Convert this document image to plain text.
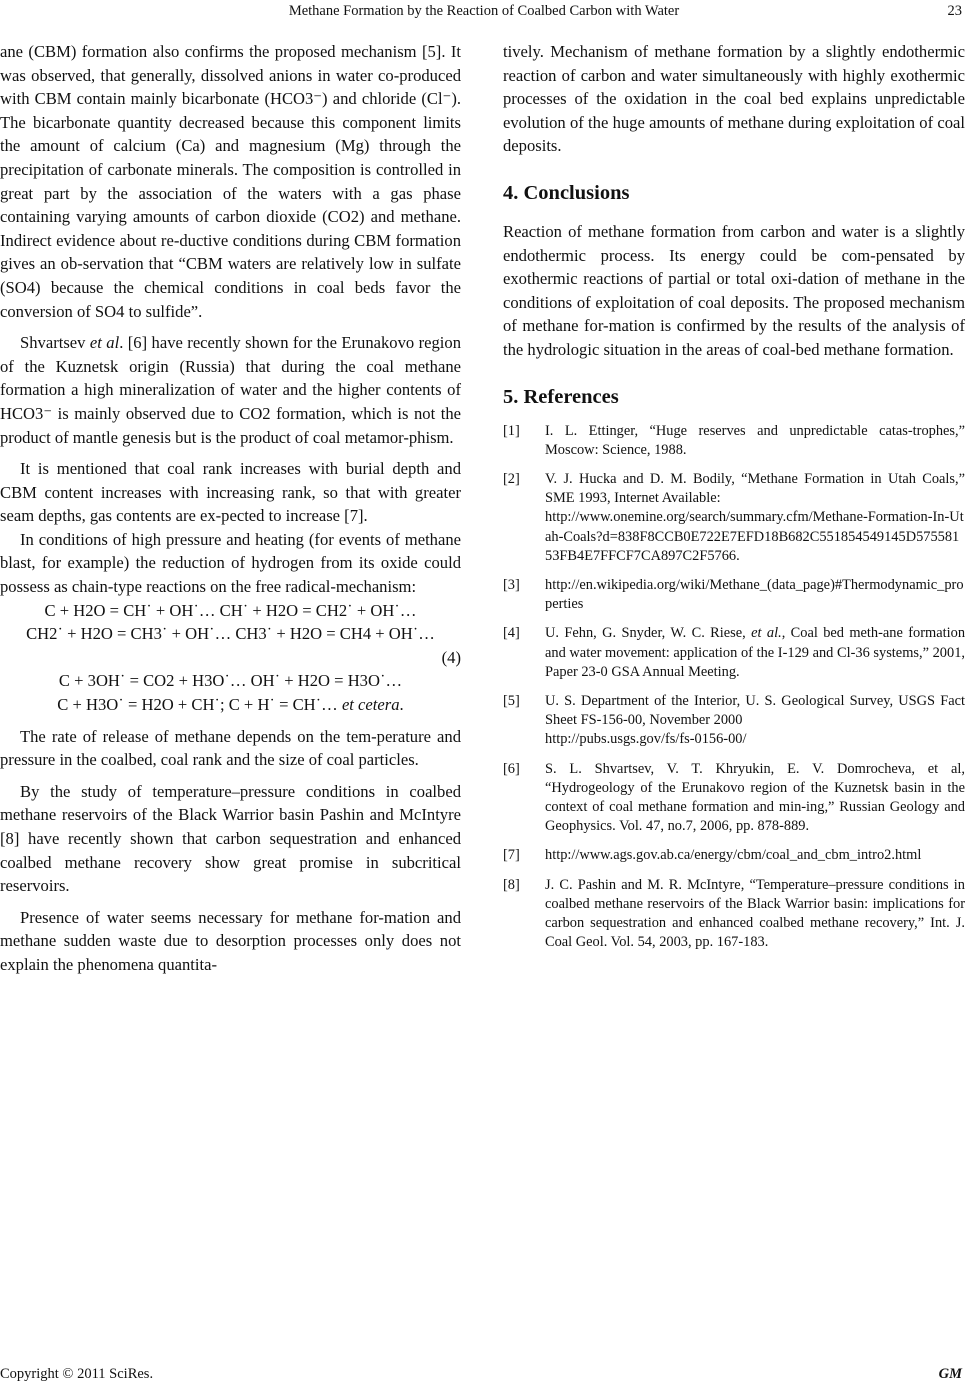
Methane Formation by the Reaction of Coalbed Carbon with Water	23

ane (CBM) formation also confirms the proposed mechanism [5]. It was observed, that generally, dissolved anions in water co-produced with CBM contain mainly bicarbonate (HCO3⁻) and chloride (Cl⁻). The bicarbonate quantity decreased because this component limits the amount of calcium (Ca) and magnesium (Mg) through the precipitation of carbonate minerals. The composition is controlled in great part by the association of the waters with a gas phase containing varying amounts of carbon dioxide (CO2) and methane. Indirect evidence about re-ductive conditions during CBM formation gives an ob-servation that “CBM waters are relatively low in sulfate (SO4) because the chemical conditions in coal beds favor the conversion of SO4 to sulfide”.

Shvartsev et al. [6] have recently shown for the Erunakovo region of the Kuznetsk origin (Russia) that during the coal methane formation a high mineralization of water and the higher contents of HCO3⁻ is mainly observed due to CO2 formation, which is not the product of mantle genesis but is the product of coal metamor-phism.

It is mentioned that coal rank increases with burial depth and CBM content increases with increasing rank, so that with greater seam depths, gas contents are ex-pected to increase [7].

In conditions of high pressure and heating (for events of methane blast, for example) the reduction of hydrogen from its oxide could possess as chain-type reactions on the free radical-mechanism:

C + H2O = CH˙ + OH˙… CH˙ + H2O = CH2˙ + OH˙…

CH2˙ + H2O = CH3˙ + OH˙… CH3˙ + H2O = CH4 + OH˙…

(4)

C + 3OH˙ = CO2 + H3O˙… OH˙ + H2O = H3O˙…

C + H3O˙ = H2O + CH˙; C + H˙ = CH˙… et cetera.

The rate of release of methane depends on the tem-perature and pressure in the coalbed, coal rank and the size of coal particles.

By the study of temperature–pressure conditions in coalbed methane reservoirs of the Black Warrior basin Pashin and McIntyre [8] have recently shown that carbon sequestration and enhanced coalbed methane recovery show great promise in subcritical reservoirs.

Presence of water seems necessary for methane for-mation and methane sudden waste due to desorption processes only does not explain the phenomena quantita-

tively. Mechanism of methane formation by a slightly endothermic reaction of carbon and water simultaneously with highly exothermic processes of the oxidation in the coal bed explains unpredictable evolution of the huge amounts of methane during exploitation of coal deposits.

4. Conclusions

Reaction of methane formation from carbon and water is a slightly endothermic process. Its energy could be com-pensated by exothermic reactions of partial or total oxi-dation of methane in the conditions of exploitation of coal deposits. The proposed mechanism of methane for-mation is confirmed by the results of the analysis of the hydrologic situation in the areas of coal-bed methane formation.

5. References
[1]	I. L. Ettinger, “Huge reserves and unpredictable catas-trophes,” Moscow: Science, 1988.
[2]	V. J. Hucka and D. M. Bodily, “Methane Formation in Utah Coals,” SME 1993, Internet Available:
http://www.onemine.org/search/summary.cfm/Methane-Formation-In-Utah-Coals?d=838F8CCB0E722E7EFD18B682C551854549145D57558153FB4E7FFCF7CA897C2F5766.
[3]	http://en.wikipedia.org/wiki/Methane_(data_page)#Thermodynamic_properties
[4]	U. Fehn, G. Snyder, W. C. Riese, et al., Coal bed meth-ane formation and water movement: application of the I-129 and Cl-36 systems,” 2001, Paper 23-0 GSA Annual Meeting.
[5]	U. S. Department of the Interior, U. S. Geological Survey, USGS Fact Sheet FS-156-00, November 2000
http://pubs.usgs.gov/fs/fs-0156-00/
[6]	S. L. Shvartsev, V. T. Khryukin, E. V. Domrocheva, et al, “Hydrogeology of the Erunakovo region of the Kuznetsk basin in the context of coal methane formation and min-ing,” Russian Geology and Geophysics. Vol. 47, no.7, 2006, pp. 878-889.
[7]	http://www.ags.gov.ab.ca/energy/cbm/coal_and_cbm_intro2.html
[8]	J. C. Pashin and M. R. McIntyre, “Temperature–pressure conditions in coalbed methane reservoirs of the Black Warrior basin: implications for carbon sequestration and enhanced coalbed methane recovery,” Int. J. Coal Geol. Vol. 54, 2003, pp. 167-183.
Copyright © 2011 SciRes.	GM
